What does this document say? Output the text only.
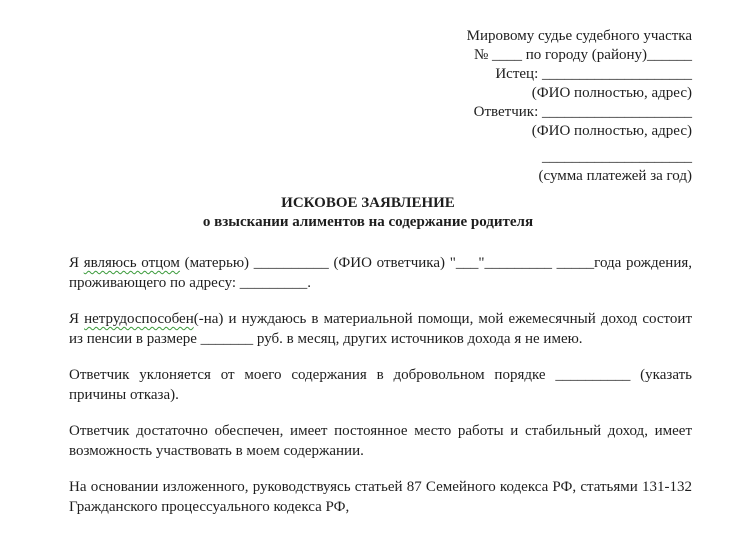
Мировому судье судебного участка
№ ____ по городу (району)______
Истец: ____________________
(ФИО полностью, адрес)
Ответчик: ____________________
(ФИО полностью, адрес)
____________________
(сумма платежей за год)
ИСКОВОЕ ЗАЯВЛЕНИЕ
о взыскании алиментов на содержание родителя

Я являюсь отцом (матерью) __________ (ФИО ответчика) "___"_________ _____года рождения, проживающего по адресу: _________.

Я нетрудоспособен(-на) и нуждаюсь в материальной помощи, мой ежемесячный доход состоит из пенсии в размере _______ руб. в месяц, других источников дохода я не имею.

Ответчик уклоняется от моего содержания в добровольном порядке __________ (указать причины отказа).

Ответчик достаточно обеспечен, имеет постоянное место работы и стабильный доход, имеет возможность участвовать в моем содержании.

На основании изложенного, руководствуясь статьей 87 Семейного кодекса РФ, статьями 131-132 Гражданского процессуального кодекса РФ,
